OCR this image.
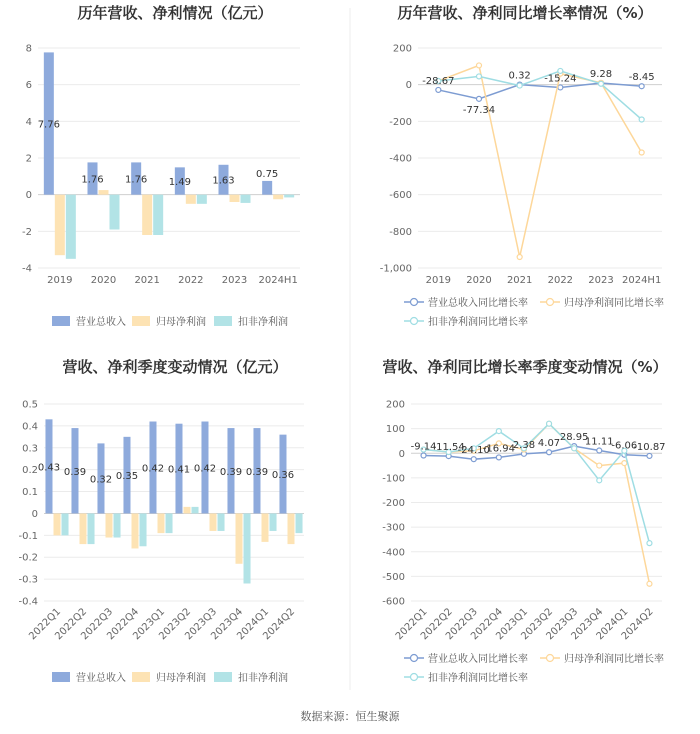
历年营收、净利情况（亿元）
-4
-2
0
2
4
6
8
2019 2020 2021 2022 2023 2024H1
7.76
1.76 1.76 1.49 1.63
0.75
营业总收入	归母净利润	扣非净利润
历年营收、净利同比增长率情况（%）
-1,000
-800
-600
-400
-200
0
200
2019 2020 2021 2022 2023 2024H1
-28.67
-77.34
0.32 -15.24 9.28 -8.45
营业总收入同比增长率	归母净利润同比增长率
扣非净利润同比增长率
营收、净利季度变动情况（亿元）
-0.4
-0.3
-0.2
-0.1
0
0.1
0.2
0.3
0.4
0.5
2022Q1
2022Q2
2022Q3
2022Q4
2023Q1
2023Q2
2023Q3
2023Q4
2024Q1
2024Q2
0.43 0.39
0.32 0.35
0.42 0.41 0.42 0.39 0.39 0.36
营业总收入	归母净利润	扣非净利润
营收、净利同比增长率季度变动情况（%）
-600
-500
-400
-300
-200
-100
0
100
200
2022Q1
2022Q2
2022Q3
2022Q4
2023Q1
2023Q2
2023Q3
2023Q4
2024Q1
2024Q2
-9.14
-11.54
-24.10
-16.94
2.38 4.07
28.95
11.11
-6.06
-10.87
营业总收入同比增长率	归母净利润同比增长率
扣非净利润同比增长率
数据来源：恒生聚源
